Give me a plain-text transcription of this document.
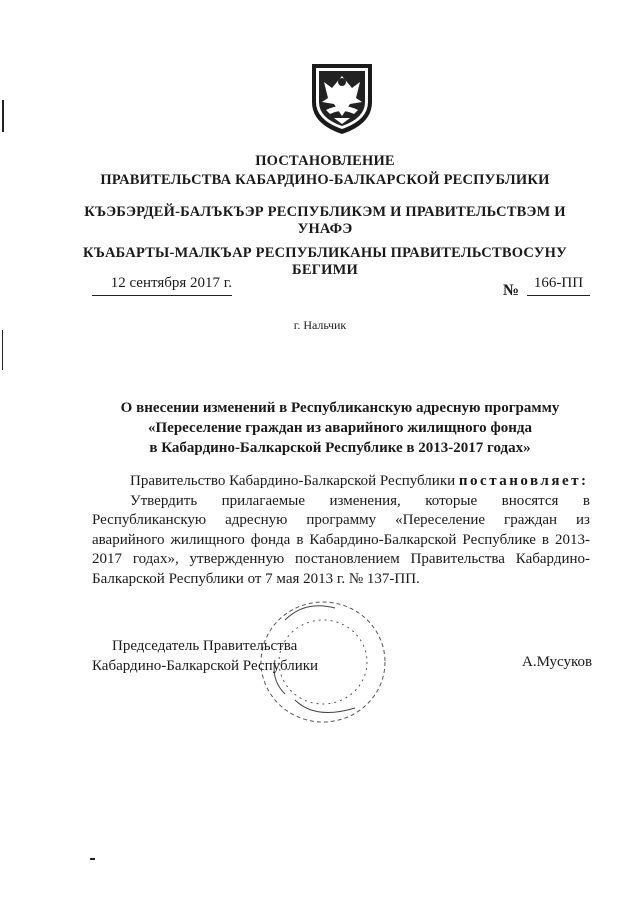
ПОСТАНОВЛЕНИЕ
ПРАВИТЕЛЬСТВА КАБАРДИНО-БАЛКАРСКОЙ РЕСПУБЛИКИ
КЪЭБЭРДЕЙ-БАЛЪКЪЭР РЕСПУБЛИКЭМ И ПРАВИТЕЛЬСТВЭМ И
УНАФЭ
КЪАБАРТЫ-МАЛКЪАР РЕСПУБЛИКАНЫ ПРАВИТЕЛЬСТВОСУНУ
БЕГИМИ
12 сентября 2017 г.	№ 166-ПП
г. Нальчик
О внесении изменений в Республиканскую адресную программу
«Переселение граждан из аварийного жилищного фонда
в Кабардино-Балкарской Республике в 2013-2017 годах»

Правительство Кабардино-Балкарской Республики постановляет:

Утвердить прилагаемые изменения, которые вносятся в Республиканскую адресную программу «Переселение граждан из аварийного жилищного фонда в Кабардино-Балкарской Республике в 2013-2017 годах», утвержденную постановлением Правительства Кабардино-Балкарской Республики от 7 мая 2013 г. № 137-ПП.

Председатель Правительства
Кабардино-Балкарской Республики	А.Мусуков
